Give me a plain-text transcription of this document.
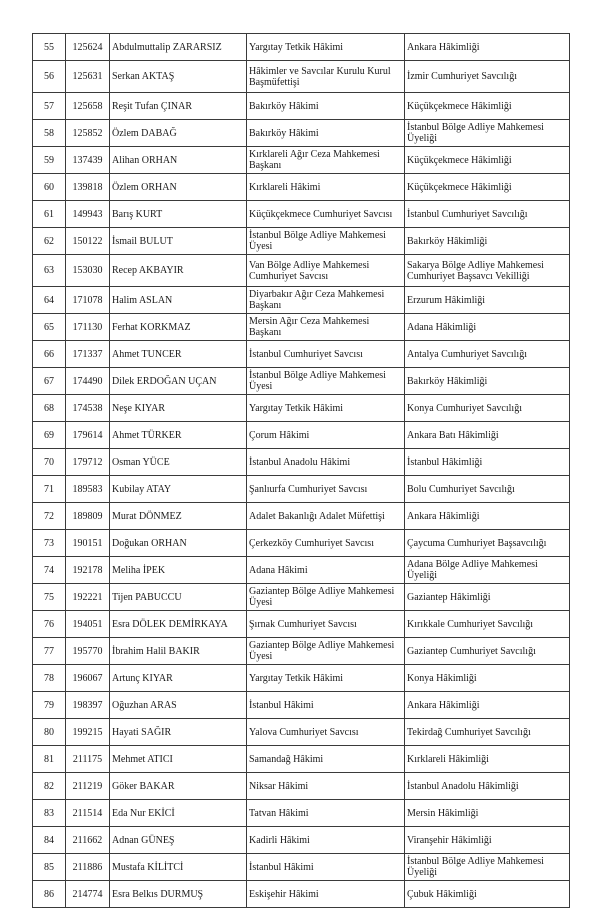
55	125624	Abdulmuttalip ZARARSIZ	Yargıtay Tetkik Hâkimi	Ankara Hâkimliği
56	125631	Serkan AKTAŞ	Hâkimler ve Savcılar Kurulu Kurul Başmüfettişi	İzmir Cumhuriyet Savcılığı
57	125658	Reşit Tufan ÇINAR	Bakırköy Hâkimi	Küçükçekmece Hâkimliği
58	125852	Özlem DABAĞ	Bakırköy Hâkimi	İstanbul Bölge Adliye Mahkemesi Üyeliği
59	137439	Alihan ORHAN	Kırklareli Ağır Ceza Mahkemesi Başkanı	Küçükçekmece Hâkimliği
60	139818	Özlem ORHAN	Kırklareli Hâkimi	Küçükçekmece Hâkimliği
61	149943	Barış KURT	Küçükçekmece Cumhuriyet Savcısı	İstanbul Cumhuriyet Savcılığı
62	150122	İsmail BULUT	İstanbul Bölge Adliye Mahkemesi Üyesi	Bakırköy Hâkimliği
63	153030	Recep AKBAYIR	Van Bölge Adliye Mahkemesi Cumhuriyet Savcısı	Sakarya Bölge Adliye Mahkemesi Cumhuriyet Başsavcı Vekilliği
64	171078	Halim ASLAN	Diyarbakır Ağır Ceza Mahkemesi Başkanı	Erzurum Hâkimliği
65	171130	Ferhat KORKMAZ	Mersin Ağır Ceza Mahkemesi Başkanı	Adana Hâkimliği
66	171337	Ahmet TUNCER	İstanbul Cumhuriyet Savcısı	Antalya Cumhuriyet Savcılığı
67	174490	Dilek ERDOĞAN UÇAN	İstanbul Bölge Adliye Mahkemesi Üyesi	Bakırköy Hâkimliği
68	174538	Neşe KIYAR	Yargıtay Tetkik Hâkimi	Konya Cumhuriyet Savcılığı
69	179614	Ahmet TÜRKER	Çorum Hâkimi	Ankara Batı Hâkimliği
70	179712	Osman YÜCE	İstanbul Anadolu Hâkimi	İstanbul Hâkimliği
71	189583	Kubilay ATAY	Şanlıurfa Cumhuriyet Savcısı	Bolu Cumhuriyet Savcılığı
72	189809	Murat DÖNMEZ	Adalet Bakanlığı Adalet Müfettişi	Ankara Hâkimliği
73	190151	Doğukan ORHAN	Çerkezköy Cumhuriyet Savcısı	Çaycuma Cumhuriyet Başsavcılığı
74	192178	Meliha İPEK	Adana Hâkimi	Adana Bölge Adliye Mahkemesi Üyeliği
75	192221	Tijen PABUCCU	Gaziantep Bölge Adliye Mahkemesi Üyesi	Gaziantep Hâkimliği
76	194051	Esra DÖLEK DEMİRKAYA	Şırnak Cumhuriyet Savcısı	Kırıkkale Cumhuriyet Savcılığı
77	195770	İbrahim Halil BAKIR	Gaziantep Bölge Adliye Mahkemesi Üyesi	Gaziantep Cumhuriyet Savcılığı
78	196067	Artunç KIYAR	Yargıtay Tetkik Hâkimi	Konya Hâkimliği
79	198397	Oğuzhan ARAS	İstanbul Hâkimi	Ankara Hâkimliği
80	199215	Hayati SAĞIR	Yalova Cumhuriyet Savcısı	Tekirdağ Cumhuriyet Savcılığı
81	211175	Mehmet ATICI	Samandağ Hâkimi	Kırklareli Hâkimliği
82	211219	Göker BAKAR	Niksar Hâkimi	İstanbul Anadolu Hâkimliği
83	211514	Eda Nur EKİCİ	Tatvan Hâkimi	Mersin Hâkimliği
84	211662	Adnan GÜNEŞ	Kadirli Hâkimi	Viranşehir Hâkimliği
85	211886	Mustafa KİLİTCİ	İstanbul Hâkimi	İstanbul Bölge Adliye Mahkemesi Üyeliği
86	214774	Esra Belkıs DURMUŞ	Eskişehir Hâkimi	Çubuk Hâkimliği
